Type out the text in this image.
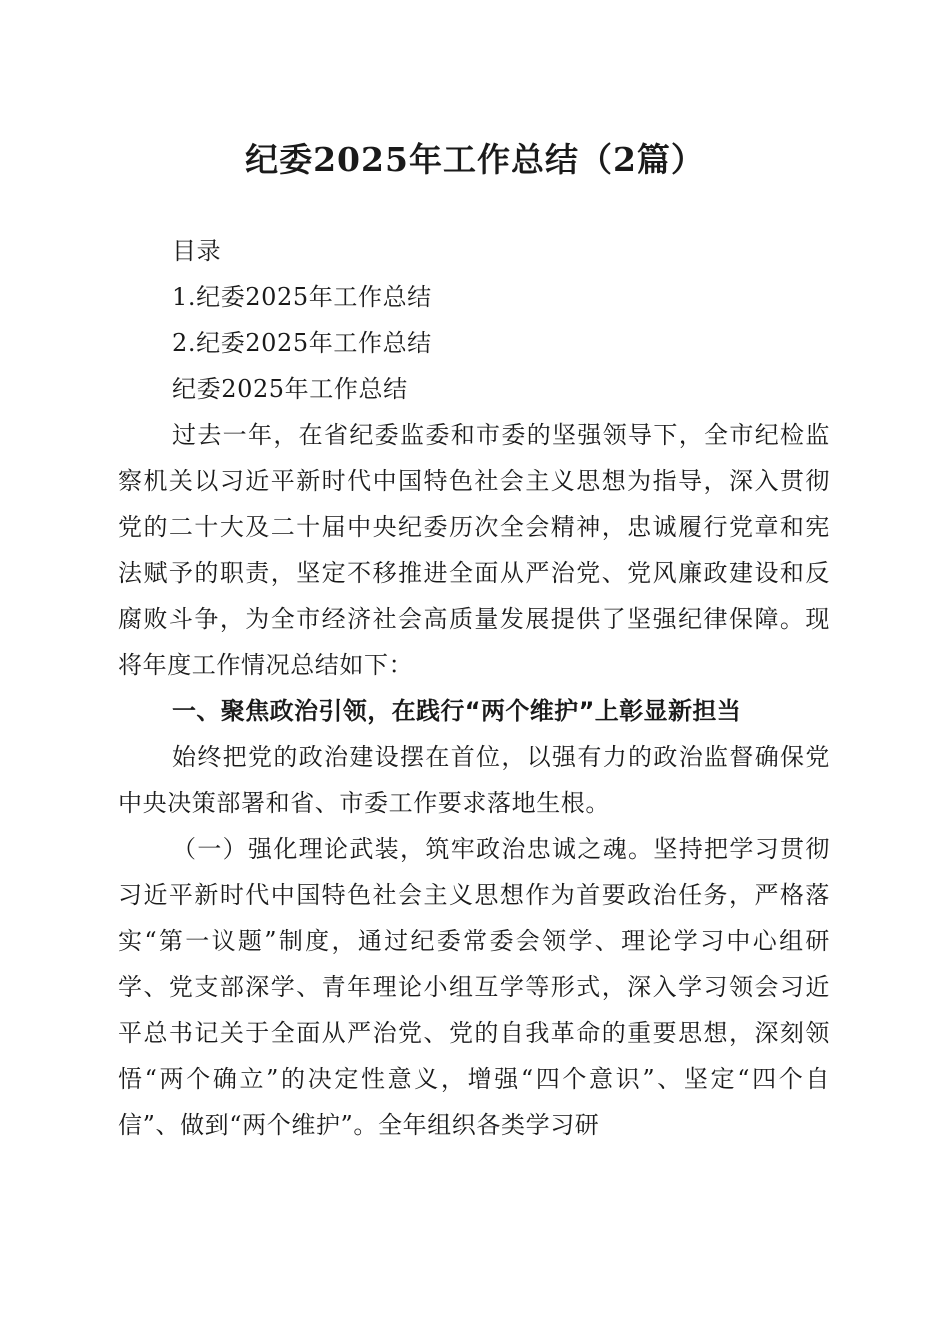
纪委2025年工作总结（2篇）
目录
1.纪委2025年工作总结
2.纪委2025年工作总结
纪委2025年工作总结

过去一年，在省纪委监委和市委的坚强领导下，全市纪检监察机关以习近平新时代中国特色社会主义思想为指导，深入贯彻党的二十大及二十届中央纪委历次全会精神，忠诚履行党章和宪法赋予的职责，坚定不移推进全面从严治党、党风廉政建设和反腐败斗争，为全市经济社会高质量发展提供了坚强纪律保障。现将年度工作情况总结如下：

一、聚焦政治引领，在践行“两个维护”上彰显新担当

始终把党的政治建设摆在首位，以强有力的政治监督确保党中央决策部署和省、市委工作要求落地生根。

（一）强化理论武装，筑牢政治忠诚之魂。坚持把学习贯彻习近平新时代中国特色社会主义思想作为首要政治任务，严格落实“第一议题”制度，通过纪委常委会领学、理论学习中心组研学、党支部深学、青年理论小组互学等形式，深入学习领会习近平总书记关于全面从严治党、党的自我革命的重要思想，深刻领悟“两个确立”的决定性意义，增强“四个意识”、坚定“四个自信”、做到“两个维护”。全年组织各类学习研
